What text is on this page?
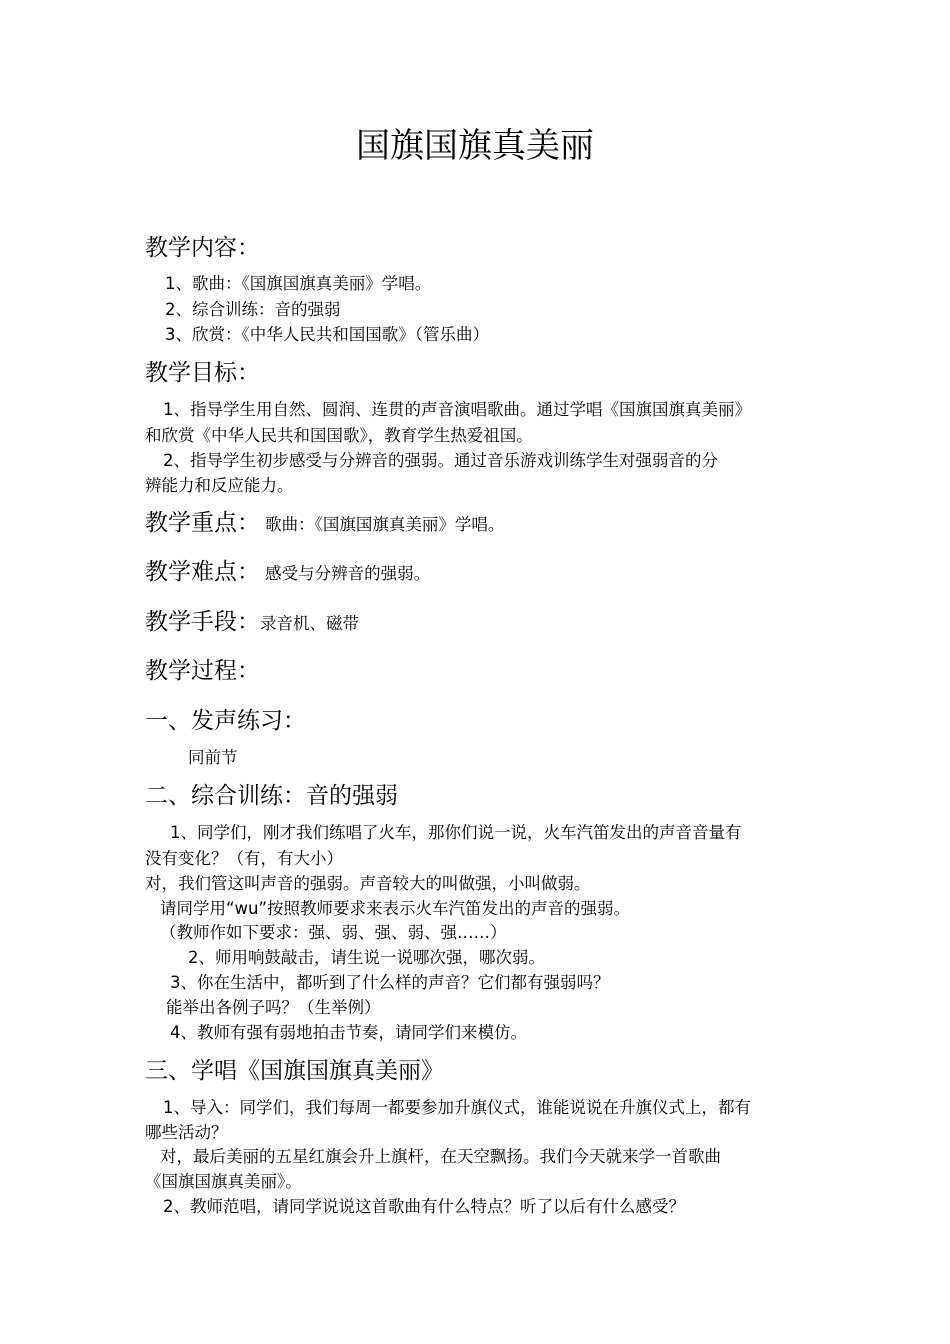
国旗国旗真美丽
教学内容：
1、歌曲：《国旗国旗真美丽》学唱。
2、综合训练：音的强弱
3、欣赏：《中华人民共和国国歌》（管乐曲）
教学目标：
1、指导学生用自然、圆润、连贯的声音演唱歌曲。通过学唱《国旗国旗真美丽》
和欣赏《中华人民共和国国歌》，教育学生热爱祖国。
2、指导学生初步感受与分辨音的强弱。通过音乐游戏训练学生对强弱音的分
辨能力和反应能力。
教学重点： 歌曲：《国旗国旗真美丽》学唱。
教学难点： 感受与分辨音的强弱。
教学手段：录音机、磁带
教学过程：
一、发声练习：
同前节
二、综合训练：音的强弱
1、同学们，刚才我们练唱了火车，那你们说一说，火车汽笛发出的声音音量有
没有变化？（有，有大小）
对，我们管这叫声音的强弱。声音较大的叫做强，小叫做弱。
请同学用“wu”按照教师要求来表示火车汽笛发出的声音的强弱。
（教师作如下要求：强、弱、强、弱、强……）
2、师用响鼓敲击，请生说一说哪次强，哪次弱。
3、你在生活中，都听到了什么样的声音？它们都有强弱吗？
能举出各例子吗？（生举例）
4、教师有强有弱地拍击节奏，请同学们来模仿。
三、学唱《国旗国旗真美丽》
1、导入：同学们，我们每周一都要参加升旗仪式，谁能说说在升旗仪式上，都有
哪些活动？
对，最后美丽的五星红旗会升上旗杆，在天空飘扬。我们今天就来学一首歌曲
《国旗国旗真美丽》。
2、教师范唱，请同学说说这首歌曲有什么特点？听了以后有什么感受？
